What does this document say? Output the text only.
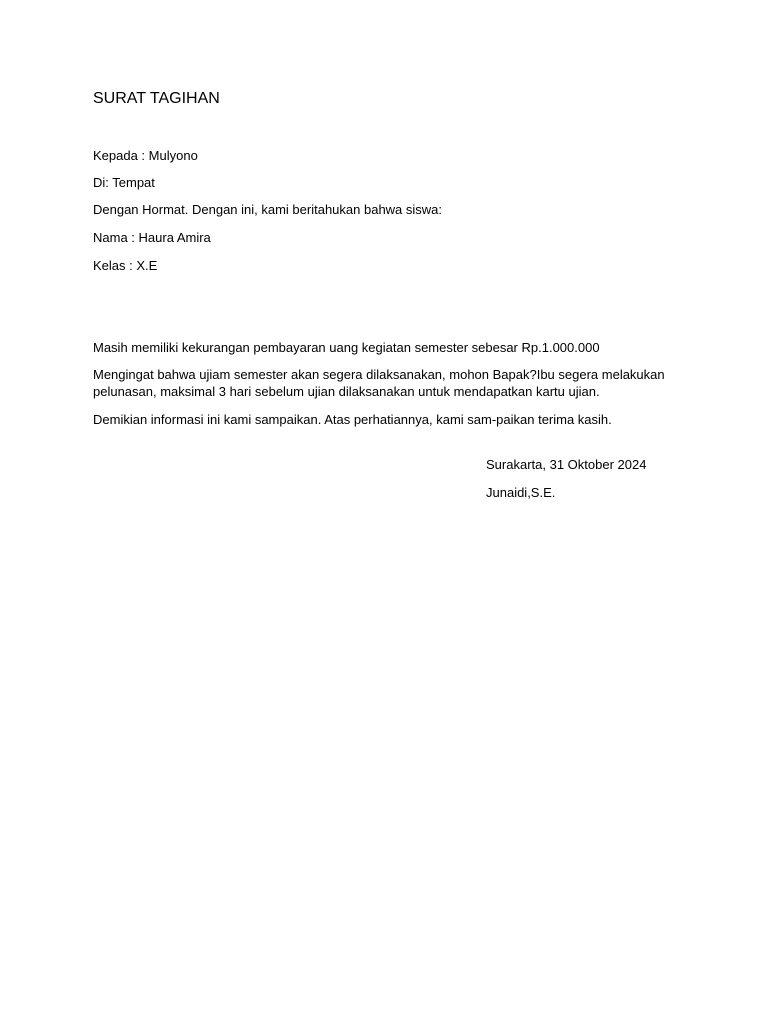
SURAT TAGIHAN
Kepada : Mulyono
Di: Tempat
Dengan Hormat. Dengan ini, kami beritahukan bahwa siswa:
Nama : Haura Amira
Kelas : X.E
Masih memiliki kekurangan pembayaran uang kegiatan semester sebesar Rp.1.000.000
Mengingat bahwa ujiam semester akan segera dilaksanakan, mohon Bapak?Ibu segera melakukan pelunasan, maksimal 3 hari sebelum ujian dilaksanakan untuk mendapatkan kartu ujian.
Demikian informasi ini kami sampaikan. Atas perhatiannya, kami sam-paikan terima kasih.
Surakarta, 31 Oktober 2024
Junaidi,S.E.
